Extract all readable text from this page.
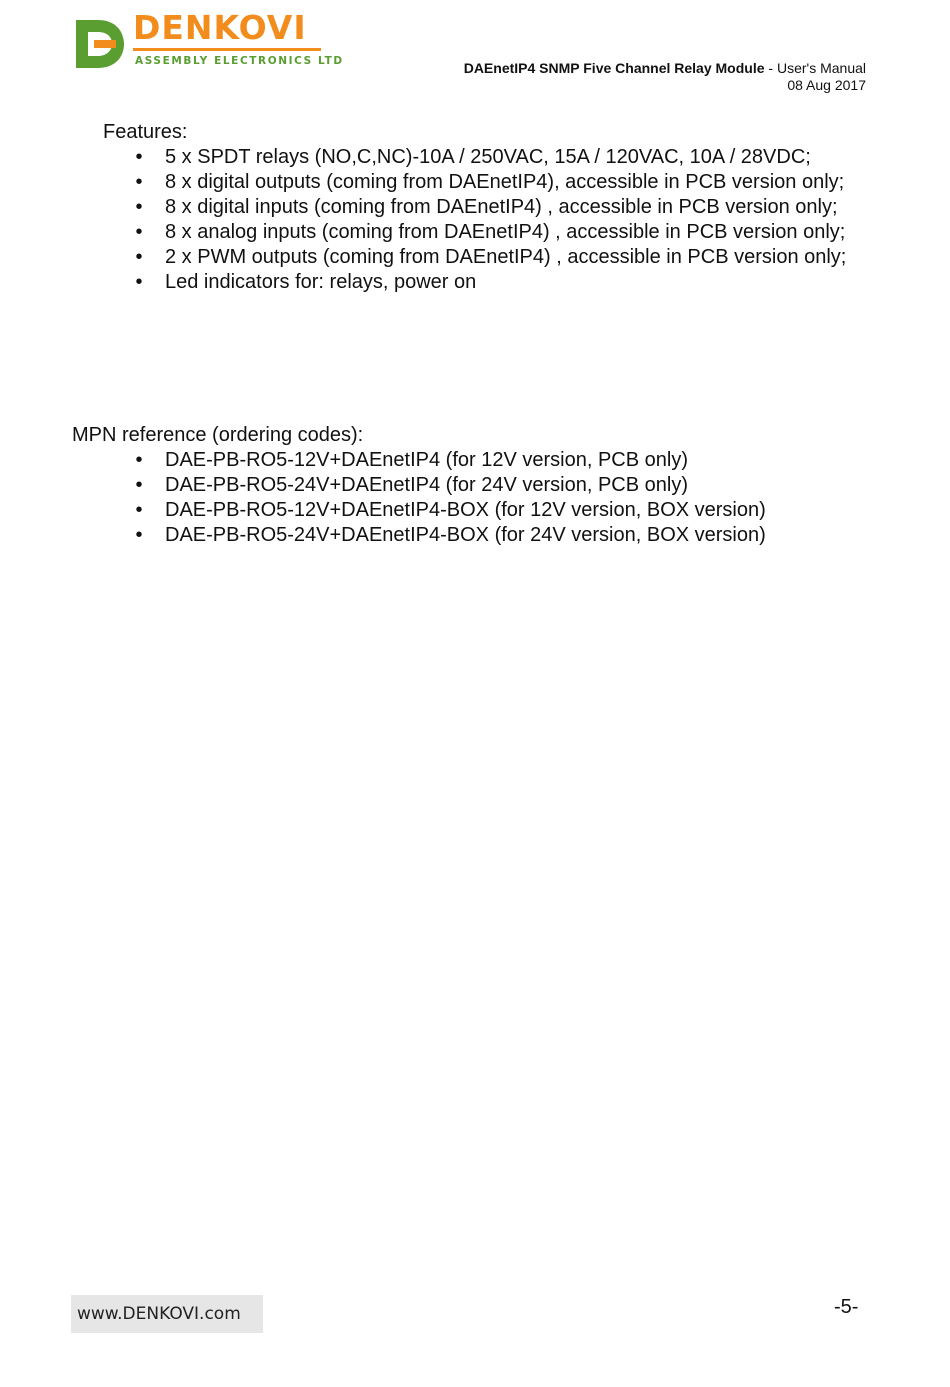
DENKOVI
ASSEMBLY ELECTRONICS LTD	DAEnetIP4 SNMP Five Channel Relay Module - User's Manual
08 Aug 2017

Features:

•	5 x SPDT relays (NO,C,NC)-10A / 250VAC, 15A / 120VAC, 10A / 28VDC;
•	8 x digital outputs (coming from DAEnetIP4), accessible in PCB version only;
•	8 x digital inputs (coming from DAEnetIP4) , accessible in PCB version only;
•	8 x analog inputs (coming from DAEnetIP4) , accessible in PCB version only;
•	2 x PWM outputs (coming from DAEnetIP4) , accessible in PCB version only;
•	Led indicators for: relays, power on

MPN reference (ordering codes):

•	DAE-PB-RO5-12V+DAEnetIP4 (for 12V version, PCB only)
•	DAE-PB-RO5-24V+DAEnetIP4 (for 24V version, PCB only)
•	DAE-PB-RO5-12V+DAEnetIP4-BOX (for 12V version, BOX version)
•	DAE-PB-RO5-24V+DAEnetIP4-BOX (for 24V version, BOX version)
www.DENKOVI.com	-5-
